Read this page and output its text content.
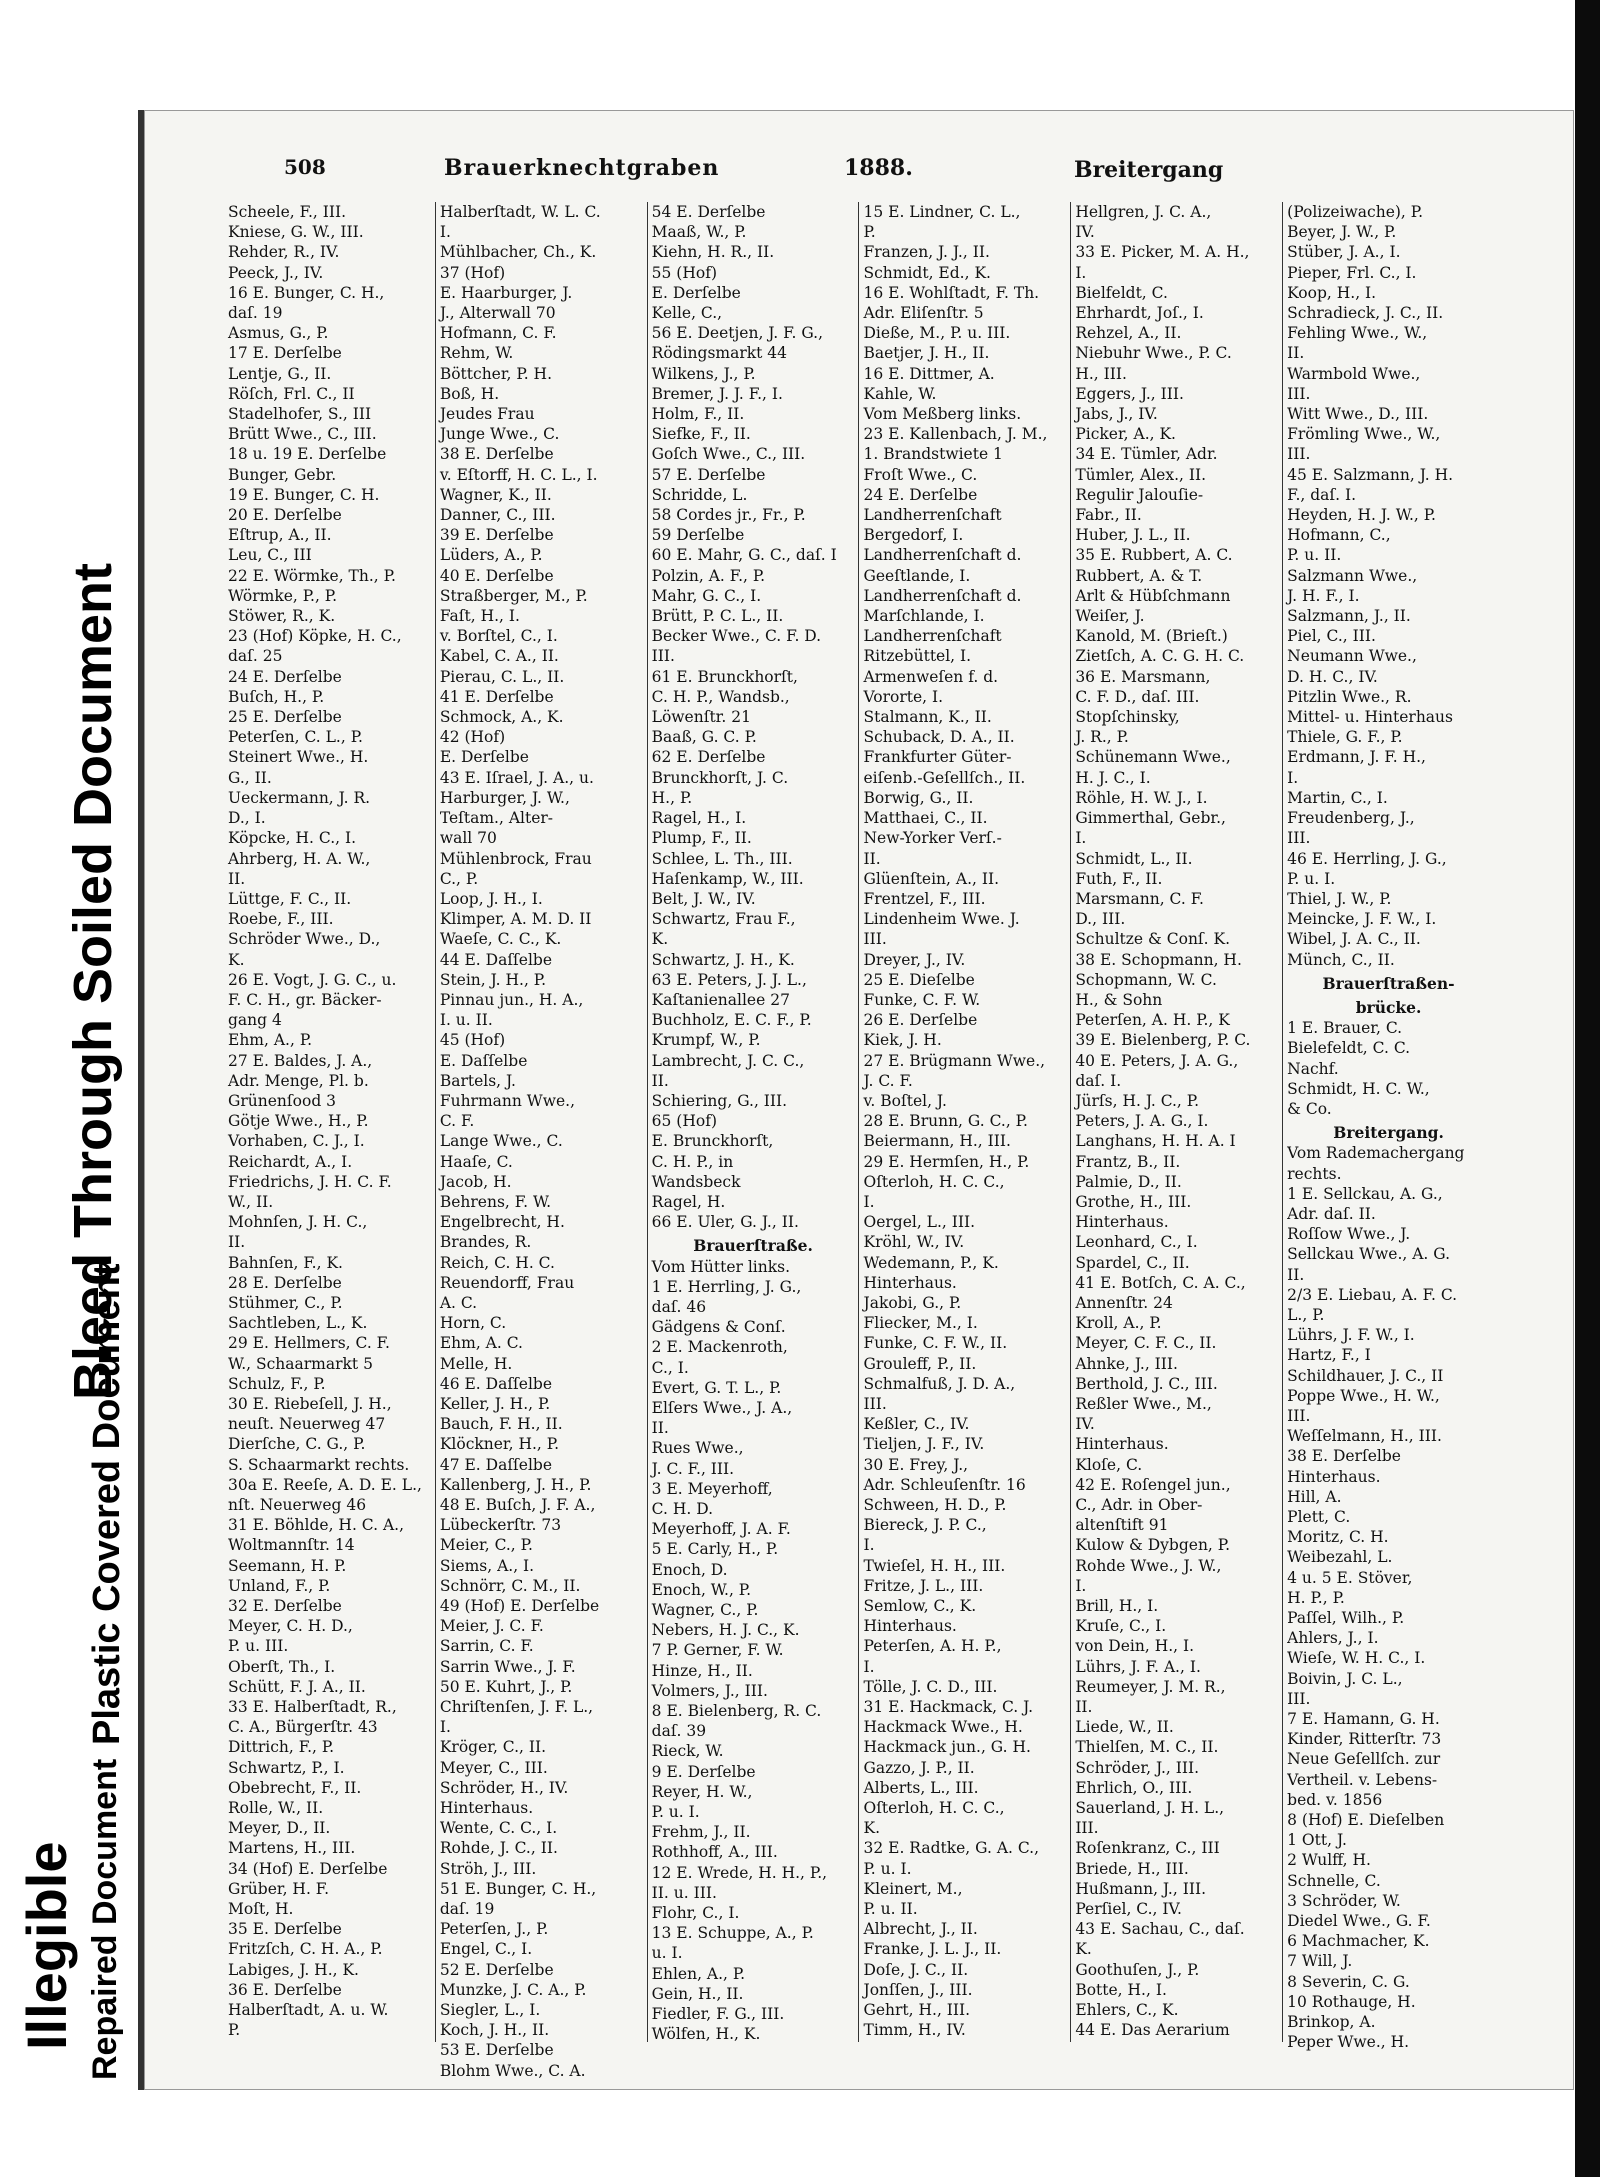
Illegible
Plastic Covered Document
Repaired Document
Bleed Through Soiled Document
508	Brauerknechtgraben	1888.	Breitergang
Scheele, F., III.
Kniese, G. W., III.
Rehder, R., IV.
Peeck, J., IV.
16 E. Bunger, C. H.,
daſ. 19
Asmus, G., P.
17 E. Derſelbe
Lentje, G., II.
Röſch, Frl. C., II
Stadelhofer, S., III
Brütt Wwe., C., III.
18 u. 19 E. Derſelbe
Bunger, Gebr.
19 E. Bunger, C. H.
20 E. Derſelbe
Eſtrup, A., II.
Leu, C., III
22 E. Wörmke, Th., P.
Wörmke, P., P.
Stöwer, R., K.
23 (Hof) Köpke, H. C.,
daſ. 25
24 E. Derſelbe
Buſch, H., P.
25 E. Derſelbe
Peterſen, C. L., P.
Steinert Wwe., H.
G., II.
Ueckermann, J. R.
D., I.
Köpcke, H. C., I.
Ahrberg, H. A. W.,
II.
Lüttge, F. C., II.
Roebe, F., III.
Schröder Wwe., D.,
K.
26 E. Vogt, J. G. C., u.
F. C. H., gr. Bäcker-
gang 4
Ehm, A., P.
27 E. Baldes, J. A.,
Adr. Menge, Pl. b.
Grünenſood 3
Götje Wwe., H., P.
Vorhaben, C. J., I.
Reichardt, A., I.
Friedrichs, J. H. C. F.
W., II.
Mohnſen, J. H. C.,
II.
Bahnſen, F., K.
28 E. Derſelbe
Stühmer, C., P.
Sachtleben, L., K.
29 E. Hellmers, C. F.
W., Schaarmarkt 5
Schulz, F., P.
30 E. Riebeſell, J. H.,
neuſt. Neuerweg 47
Dierſche, C. G., P.
S. Schaarmarkt rechts.
30a E. Reeſe, A. D. E. L.,
nſt. Neuerweg 46
31 E. Böhlde, H. C. A.,
Woltmannſtr. 14
Seemann, H. P.
Unland, F., P.
32 E. Derſelbe
Meyer, C. H. D.,
P. u. III.
Oberſt, Th., I.
Schütt, F. J. A., II.
33 E. Halberſtadt, R.,
C. A., Bürgerſtr. 43
Dittrich, F., P.
Schwartz, P., I.
Obebrecht, F., II.
Rolle, W., II.
Meyer, D., II.
Martens, H., III.
34 (Hof) E. Derſelbe
Grüber, H. F.
Moſt, H.
35 E. Derſelbe
Fritzſch, C. H. A., P.
Labiges, J. H., K.
36 E. Derſelbe
Halberſtadt, A. u. W.
P.
Halberſtadt, W. L. C.
I.
Mühlbacher, Ch., K.
37 (Hof)
E. Haarburger, J.
J., Alterwall 70
Hofmann, C. F.
Rehm, W.
Böttcher, P. H.
Boß, H.
Jeudes Frau
Junge Wwe., C.
38 E. Derſelbe
v. Eſtorff, H. C. L., I.
Wagner, K., II.
Danner, C., III.
39 E. Derſelbe
Lüders, A., P.
40 E. Derſelbe
Straßberger, M., P.
Faſt, H., I.
v. Borſtel, C., I.
Kabel, C. A., II.
Pierau, C. L., II.
41 E. Derſelbe
Schmock, A., K.
42 (Hof)
E. Derſelbe
43 E. Iſrael, J. A., u.
Harburger, J. W.,
Teſtam., Alter-
wall 70
Mühlenbrock, Frau
C., P.
Loop, J. H., I.
Klimper, A. M. D. II
Waeſe, C. C., K.
44 E. Daſſelbe
Stein, J. H., P.
Pinnau jun., H. A.,
I. u. II.
45 (Hof)
E. Daſſelbe
Bartels, J.
Fuhrmann Wwe.,
C. F.
Lange Wwe., C.
Haaſe, C.
Jacob, H.
Behrens, F. W.
Engelbrecht, H.
Brandes, R.
Reich, C. H. C.
Reuendorff, Frau
A. C.
Horn, C.
Ehm, A. C.
Melle, H.
46 E. Daſſelbe
Keller, J. H., P.
Bauch, F. H., II.
Klöckner, H., P.
47 E. Daſſelbe
Kallenberg, J. H., P.
48 E. Buſch, J. F. A.,
Lübeckerſtr. 73
Meier, C., P.
Siems, A., I.
Schnörr, C. M., II.
49 (Hof) E. Derſelbe
Meier, J. C. F.
Sarrin, C. F.
Sarrin Wwe., J. F.
50 E. Kuhrt, J., P.
Chriſtenſen, J. F. L.,
I.
Kröger, C., II.
Meyer, C., III.
Schröder, H., IV.
Hinterhaus.
Wente, C. C., I.
Rohde, J. C., II.
Ströh, J., III.
51 E. Bunger, C. H.,
daſ. 19
Peterſen, J., P.
Engel, C., I.
52 E. Derſelbe
Munzke, J. C. A., P.
Siegler, L., I.
Koch, J. H., II.
53 E. Derſelbe
Blohm Wwe., C. A.
54 E. Derſelbe
Maaß, W., P.
Kiehn, H. R., II.
55 (Hof)
E. Derſelbe
Kelle, C.,
56 E. Deetjen, J. F. G.,
Rödingsmarkt 44
Wilkens, J., P.
Bremer, J. J. F., I.
Holm, F., II.
Siefke, F., II.
Goſch Wwe., C., III.
57 E. Derſelbe
Schridde, L.
58 Cordes jr., Fr., P.
59 Derſelbe
60 E. Mahr, G. C., daſ. I
Polzin, A. F., P.
Mahr, G. C., I.
Brütt, P. C. L., II.
Becker Wwe., C. F. D.
III.
61 E. Brunckhorſt,
C. H. P., Wandsb.,
Löwenſtr. 21
Baaß, G. C. P.
62 E. Derſelbe
Brunckhorſt, J. C.
H., P.
Ragel, H., I.
Plump, F., II.
Schlee, L. Th., III.
Haſenkamp, W., III.
Belt, J. W., IV.
Schwartz, Frau F.,
K.
Schwartz, J. H., K.
63 E. Peters, J. J. L.,
Kaſtanienallee 27
Buchholz, E. C. F., P.
Krumpf, W., P.
Lambrecht, J. C. C.,
II.
Schiering, G., III.
65 (Hof)
E. Brunckhorſt,
C. H. P., in
Wandsbeck
Ragel, H.
66 E. Uler, G. J., II.
Brauerſtraße.
Vom Hütter links.
1 E. Herrling, J. G.,
daſ. 46
Gädgens & Conſ.
2 E. Mackenroth,
C., I.
Evert, G. T. L., P.
Elſers Wwe., J. A.,
II.
Rues Wwe.,
J. C. F., III.
3 E. Meyerhoff,
C. H. D.
Meyerhoff, J. A. F.
5 E. Carly, H., P.
Enoch, D.
Enoch, W., P.
Wagner, C., P.
Nebers, H. J. C., K.
7 P. Gerner, F. W.
Hinze, H., II.
Volmers, J., III.
8 E. Bielenberg, R. C.
daſ. 39
Rieck, W.
9 E. Derſelbe
Reyer, H. W.,
P. u. I.
Frehm, J., II.
Rothhoff, A., III.
12 E. Wrede, H. H., P.,
II. u. III.
Flohr, C., I.
13 E. Schuppe, A., P.
u. I.
Ehlen, A., P.
Gein, H., II.
Fiedler, F. G., III.
Wölfen, H., K.
15 E. Lindner, C. L.,
P.
Franzen, J. J., II.
Schmidt, Ed., K.
16 E. Wohlſtadt, F. Th.
Adr. Eliſenſtr. 5
Dieße, M., P. u. III.
Baetjer, J. H., II.
16 E. Dittmer, A.
Kahle, W.
Vom Meßberg links.
23 E. Kallenbach, J. M.,
1. Brandstwiete 1
Froſt Wwe., C.
24 E. Derſelbe
Landherrenſchaft
Bergedorf, I.
Landherrenſchaft d.
Geeſtlande, I.
Landherrenſchaft d.
Marſchlande, I.
Landherrenſchaft
Ritzebüttel, I.
Armenweſen f. d.
Vororte, I.
Stalmann, K., II.
Schuback, D. A., II.
Frankfurter Güter-
eiſenb.-Geſellſch., II.
Borwig, G., II.
Matthaei, C., II.
New-Yorker Verſ.-
II.
Glüenſtein, A., II.
Frentzel, F., III.
Lindenheim Wwe. J.
III.
Dreyer, J., IV.
25 E. Dieſelbe
Funke, C. F. W.
26 E. Derſelbe
Kiek, J. H.
27 E. Brügmann Wwe.,
J. C. F.
v. Boſtel, J.
28 E. Brunn, G. C., P.
Beiermann, H., III.
29 E. Hermſen, H., P.
Oſterloh, H. C. C.,
I.
Oergel, L., III.
Kröhl, W., IV.
Wedemann, P., K.
Hinterhaus.
Jakobi, G., P.
Fliecker, M., I.
Funke, C. F. W., II.
Grouleff, P., II.
Schmalfuß, J. D. A.,
III.
Keßler, C., IV.
Tieljen, J. F., IV.
30 E. Frey, J.,
Adr. Schleuſenſtr. 16
Schween, H. D., P.
Biereck, J. P. C.,
I.
Twieſel, H. H., III.
Fritze, J. L., III.
Semlow, C., K.
Hinterhaus.
Peterſen, A. H. P.,
I.
Tölle, J. C. D., III.
31 E. Hackmack, C. J.
Hackmack Wwe., H.
Hackmack jun., G. H.
Gazzo, J. P., II.
Alberts, L., III.
Oſterloh, H. C. C.,
K.
32 E. Radtke, G. A. C.,
P. u. I.
Kleinert, M.,
P. u. II.
Albrecht, J., II.
Franke, J. L. J., II.
Doſe, J. C., II.
Jonſſen, J., III.
Gehrt, H., III.
Timm, H., IV.
Hellgren, J. C. A.,
IV.
33 E. Picker, M. A. H.,
I.
Bielfeldt, C.
Ehrhardt, Joſ., I.
Rehzel, A., II.
Niebuhr Wwe., P. C.
H., III.
Eggers, J., III.
Jabs, J., IV.
Picker, A., K.
34 E. Tümler, Adr.
Tümler, Alex., II.
Regulir Jalouſie-
Fabr., II.
Huber, J. L., II.
35 E. Rubbert, A. C.
Rubbert, A. & T.
Arlt & Hübſchmann
Weiſer, J.
Kanold, M. (Brieſt.)
Zietſch, A. C. G. H. C.
36 E. Marsmann,
C. F. D., daſ. III.
Stopſchinsky,
J. R., P.
Schünemann Wwe.,
H. J. C., I.
Röhle, H. W. J., I.
Gimmerthal, Gebr.,
I.
Schmidt, L., II.
Futh, F., II.
Marsmann, C. F.
D., III.
Schultze & Conſ. K.
38 E. Schopmann, H.
Schopmann, W. C.
H., & Sohn
Peterſen, A. H. P., K
39 E. Bielenberg, P. C.
40 E. Peters, J. A. G.,
daſ. I.
Jürſs, H. J. C., P.
Peters, J. A. G., I.
Langhans, H. H. A. I
Frantz, B., II.
Palmie, D., II.
Grothe, H., III.
Hinterhaus.
Leonhard, C., I.
Spardel, C., II.
41 E. Botſch, C. A. C.,
Annenſtr. 24
Kroll, A., P.
Meyer, C. F. C., II.
Ahnke, J., III.
Berthold, J. C., III.
Reßler Wwe., M.,
IV.
Hinterhaus.
Kloſe, C.
42 E. Roſengel jun.,
C., Adr. in Ober-
altenſtift 91
Kulow & Dybgen, P.
Rohde Wwe., J. W.,
I.
Brill, H., I.
Kruſe, C., I.
von Dein, H., I.
Lührs, J. F. A., I.
Reumeyer, J. M. R.,
II.
Liede, W., II.
Thielſen, M. C., II.
Schröder, J., III.
Ehrlich, O., III.
Sauerland, J. H. L.,
III.
Roſenkranz, C., III
Briede, H., III.
Hußmann, J., III.
Perſiel, C., IV.
43 E. Sachau, C., daſ.
K.
Goothuſen, J., P.
Botte, H., I.
Ehlers, C., K.
44 E. Das Aerarium
(Polizeiwache), P.
Beyer, J. W., P.
Stüber, J. A., I.
Pieper, Frl. C., I.
Koop, H., I.
Schradieck, J. C., II.
Fehling Wwe., W.,
II.
Warmbold Wwe.,
III.
Witt Wwe., D., III.
Frömling Wwe., W.,
III.
45 E. Salzmann, J. H.
F., daſ. I.
Heyden, H. J. W., P.
Hofmann, C.,
P. u. II.
Salzmann Wwe.,
J. H. F., I.
Salzmann, J., II.
Piel, C., III.
Neumann Wwe.,
D. H. C., IV.
Pitzlin Wwe., R.
Mittel- u. Hinterhaus
Thiele, G. F., P.
Erdmann, J. F. H.,
I.
Martin, C., I.
Freudenberg, J.,
III.
46 E. Herrling, J. G.,
P. u. I.
Thiel, J. W., P.
Meincke, J. F. W., I.
Wibel, J. A. C., II.
Münch, C., II.
Brauerſtraßen-
brücke.
1 E. Brauer, C.
Bielefeldt, C. C.
Nachf.
Schmidt, H. C. W.,
& Co.
Breitergang.
Vom Rademachergang
rechts.
1 E. Sellckau, A. G.,
Adr. daſ. II.
Roſſow Wwe., J.
Sellckau Wwe., A. G.
II.
2/3 E. Liebau, A. F. C.
L., P.
Lührs, J. F. W., I.
Hartz, F., I
Schildhauer, J. C., II
Poppe Wwe., H. W.,
III.
Weſſelmann, H., III.
38 E. Derſelbe
Hinterhaus.
Hill, A.
Plett, C.
Moritz, C. H.
Weibezahl, L.
4 u. 5 E. Stöver,
H. P., P.
Paſſel, Wilh., P.
Ahlers, J., I.
Wieſe, W. H. C., I.
Boivin, J. C. L.,
III.
7 E. Hamann, G. H.
Kinder, Ritterſtr. 73
Neue Geſellſch. zur
Vertheil. v. Lebens-
bed. v. 1856
8 (Hof) E. Dieſelben
1 Ott, J.
2 Wulff, H.
Schnelle, C.
3 Schröder, W.
Diedel Wwe., G. F.
6 Machmacher, K.
7 Will, J.
8 Severin, C. G.
10 Rothauge, H.
Brinkop, A.
Peper Wwe., H.
